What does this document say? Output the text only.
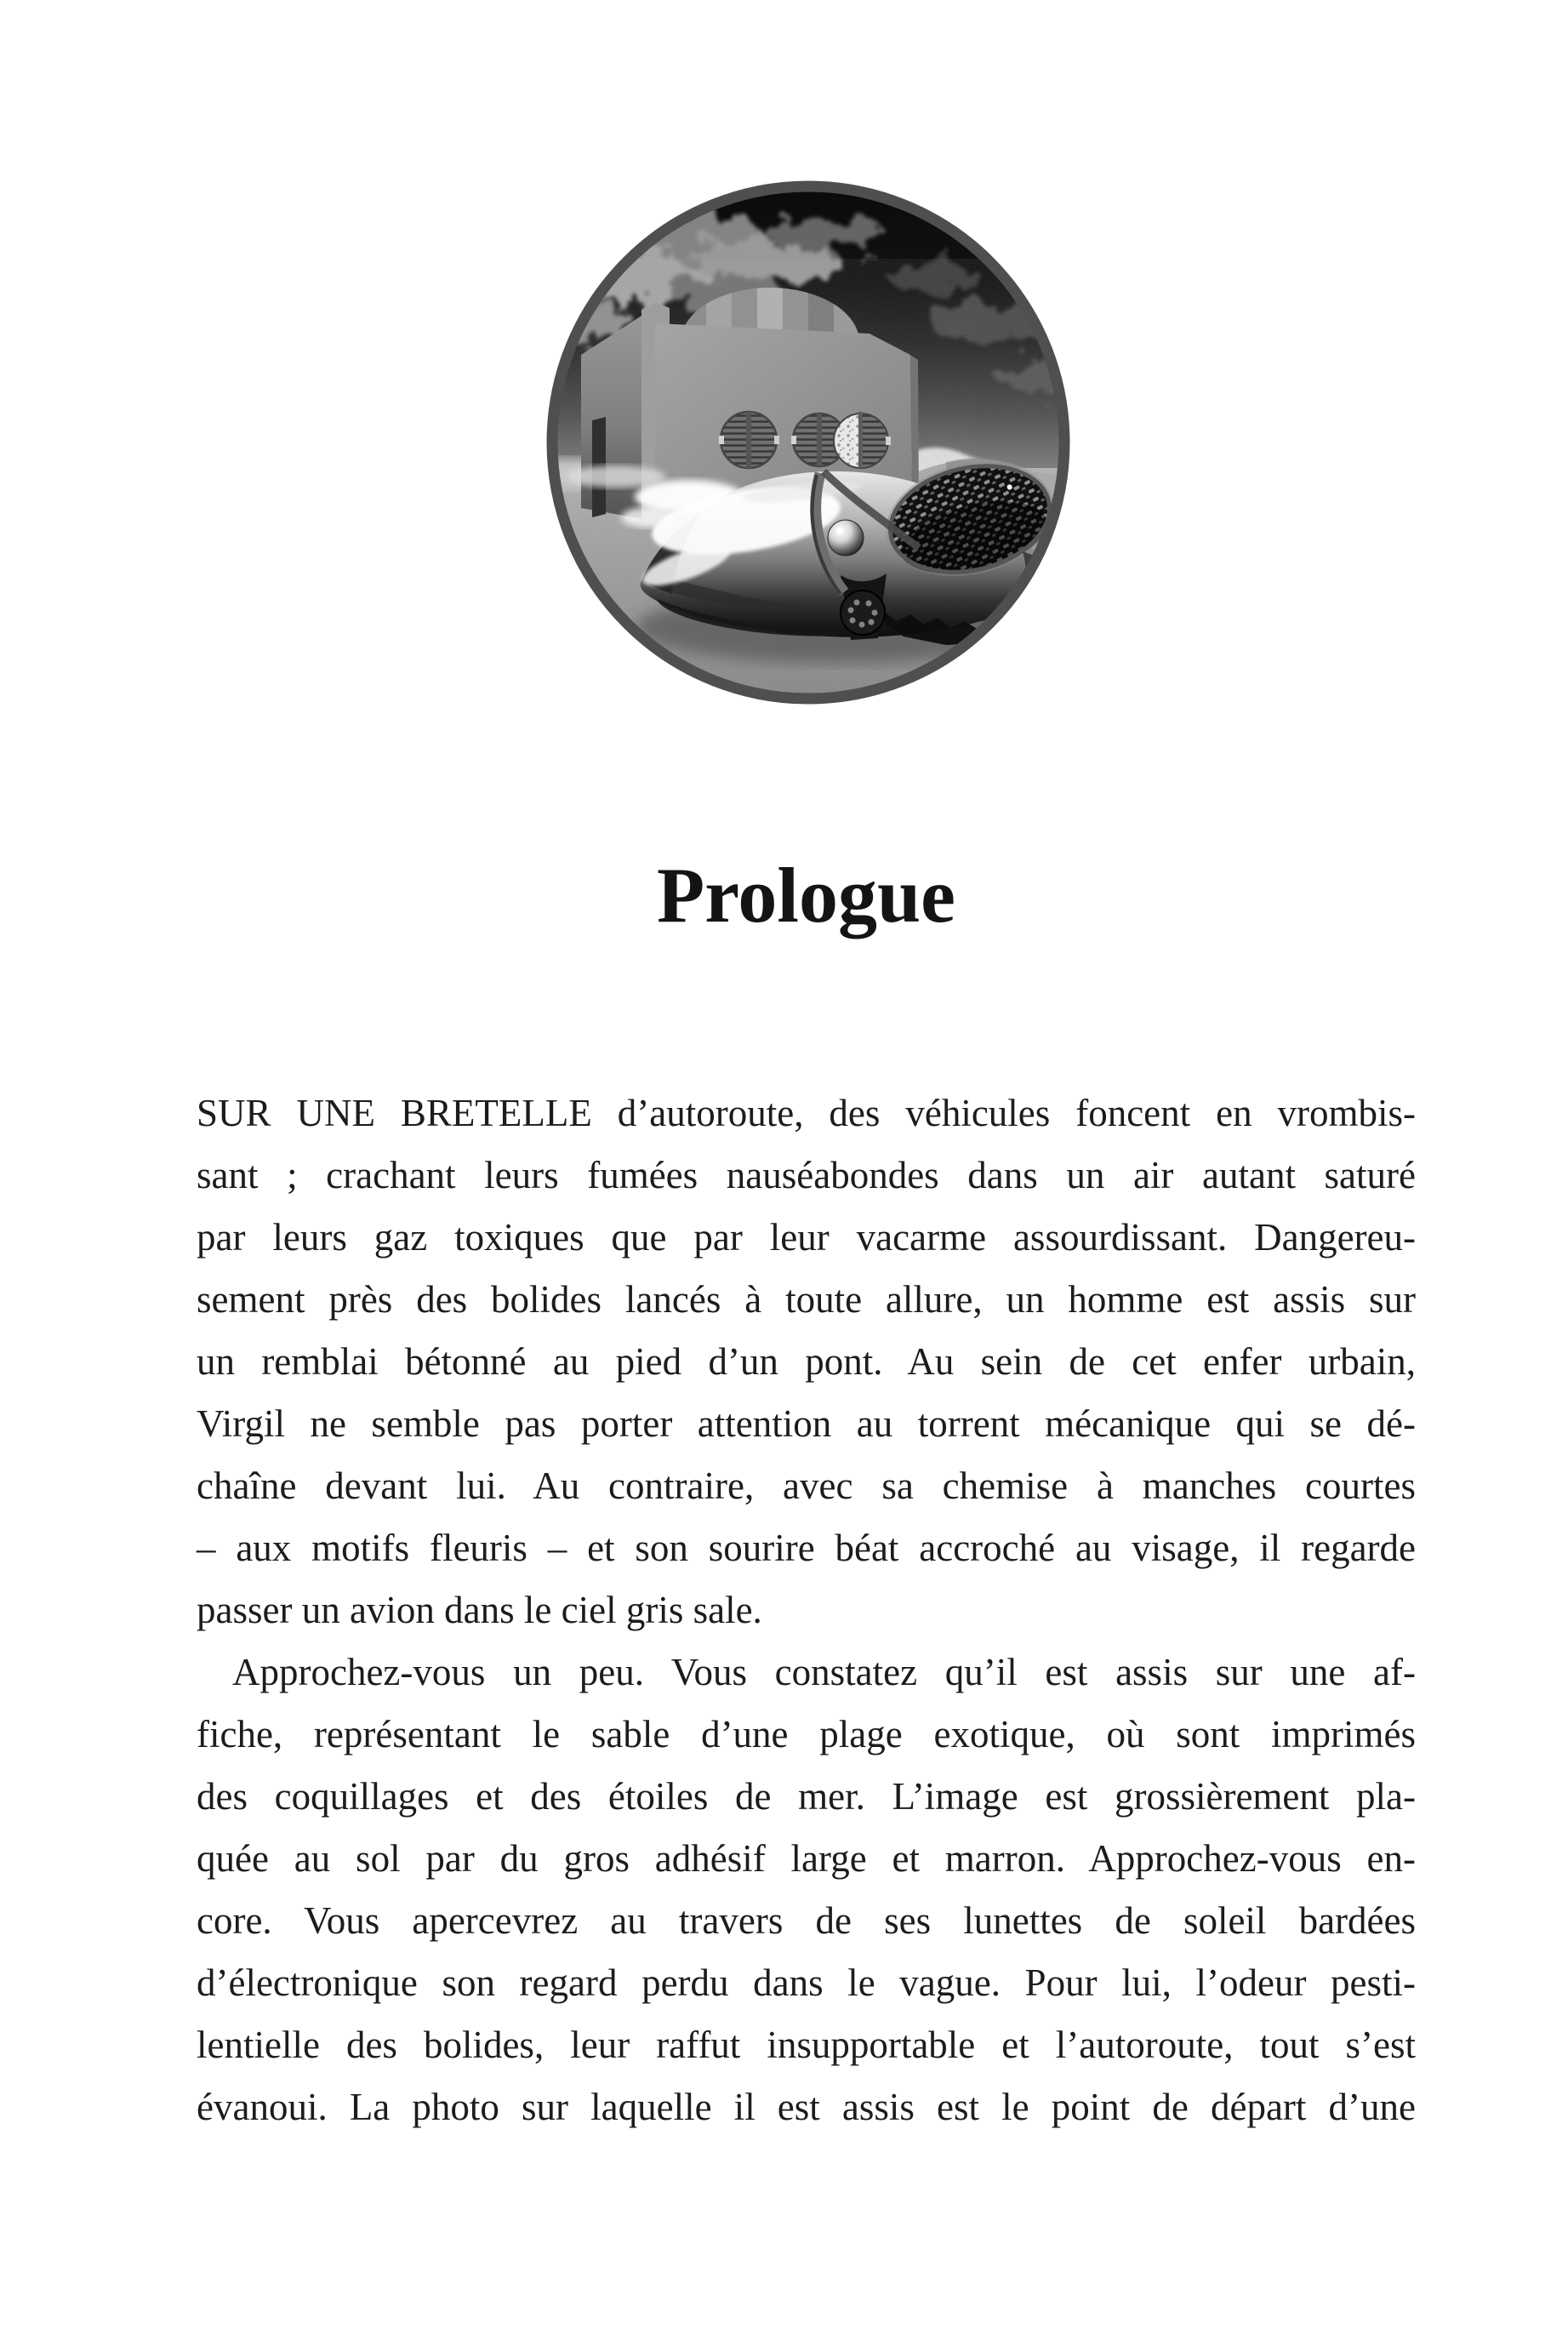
Prologue
SUR UNE BRETELLE d’autoroute, des véhicules foncent en vrombis-
sant ; crachant leurs fumées nauséabondes dans un air autant saturé
par leurs gaz toxiques que par leur vacarme assourdissant. Dangereu-
sement près des bolides lancés à toute allure, un homme est assis sur
un remblai bétonné au pied d’un pont. Au sein de cet enfer urbain,
Virgil ne semble pas porter attention au torrent mécanique qui se dé-
chaîne devant lui. Au contraire, avec sa chemise à manches courtes
– aux motifs fleuris – et son sourire béat accroché au visage, il regarde
passer un avion dans le ciel gris sale.
Approchez-vous un peu. Vous constatez qu’il est assis sur une af-
fiche, représentant le sable d’une plage exotique, où sont imprimés
des coquillages et des étoiles de mer. L’image est grossièrement pla-
quée au sol par du gros adhésif large et marron. Approchez-vous en-
core. Vous apercevrez au travers de ses lunettes de soleil bardées
d’électronique son regard perdu dans le vague. Pour lui, l’odeur pesti-
lentielle des bolides, leur raffut insupportable et l’autoroute, tout s’est
évanoui. La photo sur laquelle il est assis est le point de départ d’une
